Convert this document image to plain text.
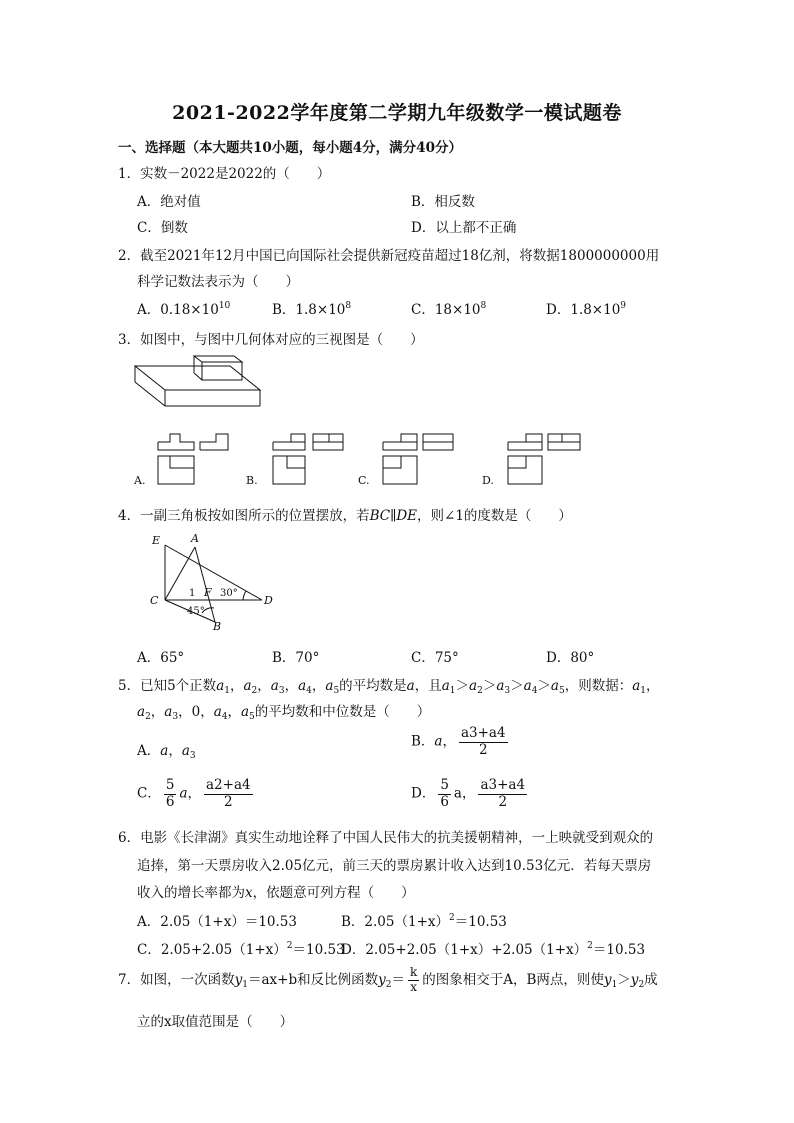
2021-2022学年度第二学期九年级数学一模试题卷
一、选择题（本大题共10小题，每小题4分，满分40分）
1．实数－2022是2022的（　　）
A．绝对值	B．相反数
C．倒数	D．以上都不正确
2．截至2021年12月中国已向国际社会提供新冠疫苗超过18亿剂，将数据1800000000用
科学记数法表示为（　　）
A．$0.18\times 10^{10}$	B．$1.8\times 10^8$	C．$18\times 10^8$	D．$1.8\times 10^9$
3．如图中，与图中几何体对应的三视图是（　　）
A.	B.	C.	D.
4．一副三角板按如图所示的位置摆放，若BC∥DE，则∠1的度数是（　　）
E	A
C
F
D
B
1 30°
45°
A．65°	B．70°	C．75°	D．80°
5．已知5个正数$a_1$，$a_2$，$a_3$，$a_4$，$a_5$的平均数是a，且$a_1>a_2>a_3>a_4>a_5$，则数据：$a_1$，
$a_2$，$a_3$，0，$a_4$，$a_5$的平均数和中位数是（　　）
A．a，$a_3$
B．a， $\frac{a3+a4}{2}$
C． $\frac{5}{6}$ a， $\frac{a2+a4}{2}$	D． $\frac{5}{6}$ a， $\frac{a3+a4}{2}$
6．电影《长津湖》真实生动地诠释了中国人民伟大的抗美援朝精神，一上映就受到观众的
追捧，第一天票房收入2.05亿元，前三天的票房累计收入达到10.53亿元．若每天票房
收入的增长率都为x，依题意可列方程（　　）
A．2.05（1+x）＝10.53	B．$2.05(1+x)^2=10.53$
C．$2.05+2.05(1+x)^2=10.53$
D．$2.05+2.05(1+x)+2.05(1+x)^2=10.53$
7．如图，一次函数$y_1=ax+b$和反比例函数$y_2= \frac{k}{x}$ 的图象相交于A，B两点，则使$y_1>y_2$成
立的x取值范围是（　　）
